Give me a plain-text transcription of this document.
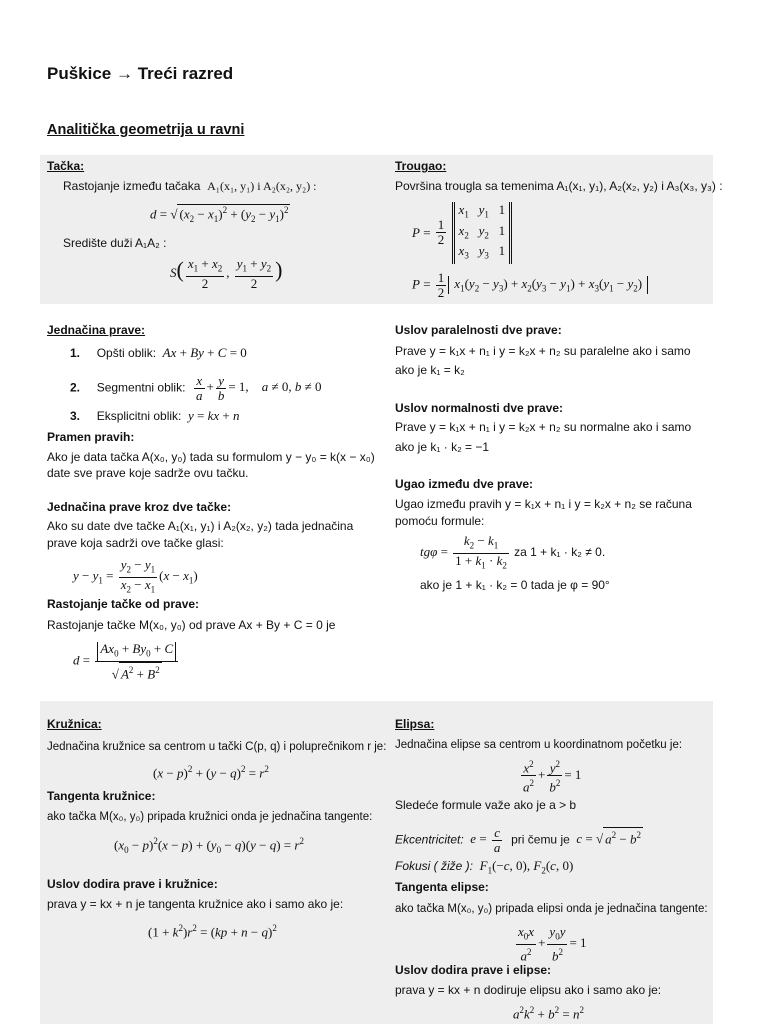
Puškice → Treći razred
Analitička geometrija u ravni
Tačka:
Rastojanje između tačaka A₁(x₁, y₁) i A₂(x₂, y₂) :
d = √ $(x_2 - x_1)^2 + (y_2 - y_1)^2$
Središte duži A₁A₂ :
$S( \frac{x_1 + x_2}{2}$ , $\frac{y_1 + y_2}{2}$ )
Trougao:
Površina trougla sa temenima A₁(x₁, y₁), A₂(x₂, y₂) i A₃(x₃, y₃) :
$P = \frac{1}{2}$
$x_1$ $y_1$   1
$x_2$ $y_2$   1
$x_3$ $y_3$   1
$P = \frac{1}{2} x_1(y_2 - y_3) + x_2(y_3 - y_1) + x_3(y_1 - y_2)$
Jednačina prave:
1. Opšti oblik: Ax + By + C = 0
2. Segmentni oblik: $\frac{x}{a} + \frac{y}{b} = 1$,    a ≠ 0, b ≠ 0
3. Eksplicitni oblik: y = kx + n
Pramen pravih:
Ako je data tačka A(x₀, y₀) tada su formulom y − y₀ = k(x − x₀)
date sve prave koje sadrže ovu tačku.
Jednačina prave kroz dve tačke:
Ako su date dve tačke A₁(x₁, y₁) i A₂(x₂, y₂) tada jednačina
prave koja sadrži ove tačke glasi:
$y - y_1 = \frac{y_2 - y_1}{x_2 - x_1} (x - x_1)$
Rastojanje tačke od prave:
Rastojanje tačke M(x₀, y₀) od prave Ax + By + C = 0 je
$d = \frac{Ax_0 + By_0 + C}{√ A^2 + B^2}$
Uslov paralelnosti dve prave:
Prave y = k₁x + n₁ i y = k₂x + n₂ su paralelne ako i samo
ako je k₁ = k₂
Uslov normalnosti dve prave:
Prave y = k₁x + n₁ i y = k₂x + n₂ su normalne ako i samo
ako je k₁ · k₂ = −1
Ugao između dve prave:
Ugao između pravih y = k₁x + n₁ i y = k₂x + n₂ se računa
pomoću formule:
$tg\varphi = \frac{k_2 - k_1}{1 + k_1 \cdot k_2}$ za 1 + k₁ · k₂ ≠ 0.
ako je 1 + k₁ · k₂ = 0 tada je φ = 90°
Kružnica:
Jednačina kružnice sa centrom u tački C(p, q) i poluprečnikom r je:
$(x - p)^2 + (y - q)^2 = r^2$
Tangenta kružnice:
ako tačka M(x₀, y₀) pripada kružnici onda je jednačina tangente:
$(x_0 - p)^2(x - p) + (y_0 - q)(y - q) = r^2$
Uslov dodira prave i kružnice:
prava y = kx + n je tangenta kružnice ako i samo ako je:
$(1 + k^2)r^2 = (kp + n - q)^2$
Elipsa:
Jednačina elipse sa centrom u koordinatnom početku je:
$\frac{x^2}{a^2} + \frac{y^2}{b^2} = 1$
Sledeće formule važe ako je a > b
Ekcentricitet: $e = \frac{c}{a}$ pri čemu je c = √ $a^2 - b^2$
Fokusi ( žiže ): $F_1(-c$, 0), $F_2(c$, 0)
Tangenta elipse:
ako tačka M(x₀, y₀) pripada elipsi onda je jednačina tangente:
$\frac{x_0x}{a^2} + \frac{y_0y}{b^2} = 1$
Uslov dodira prave i elipse:
prava y = kx + n dodiruje elipsu ako i samo ako je:
$a^2k^2 + b^2 = n^2$
